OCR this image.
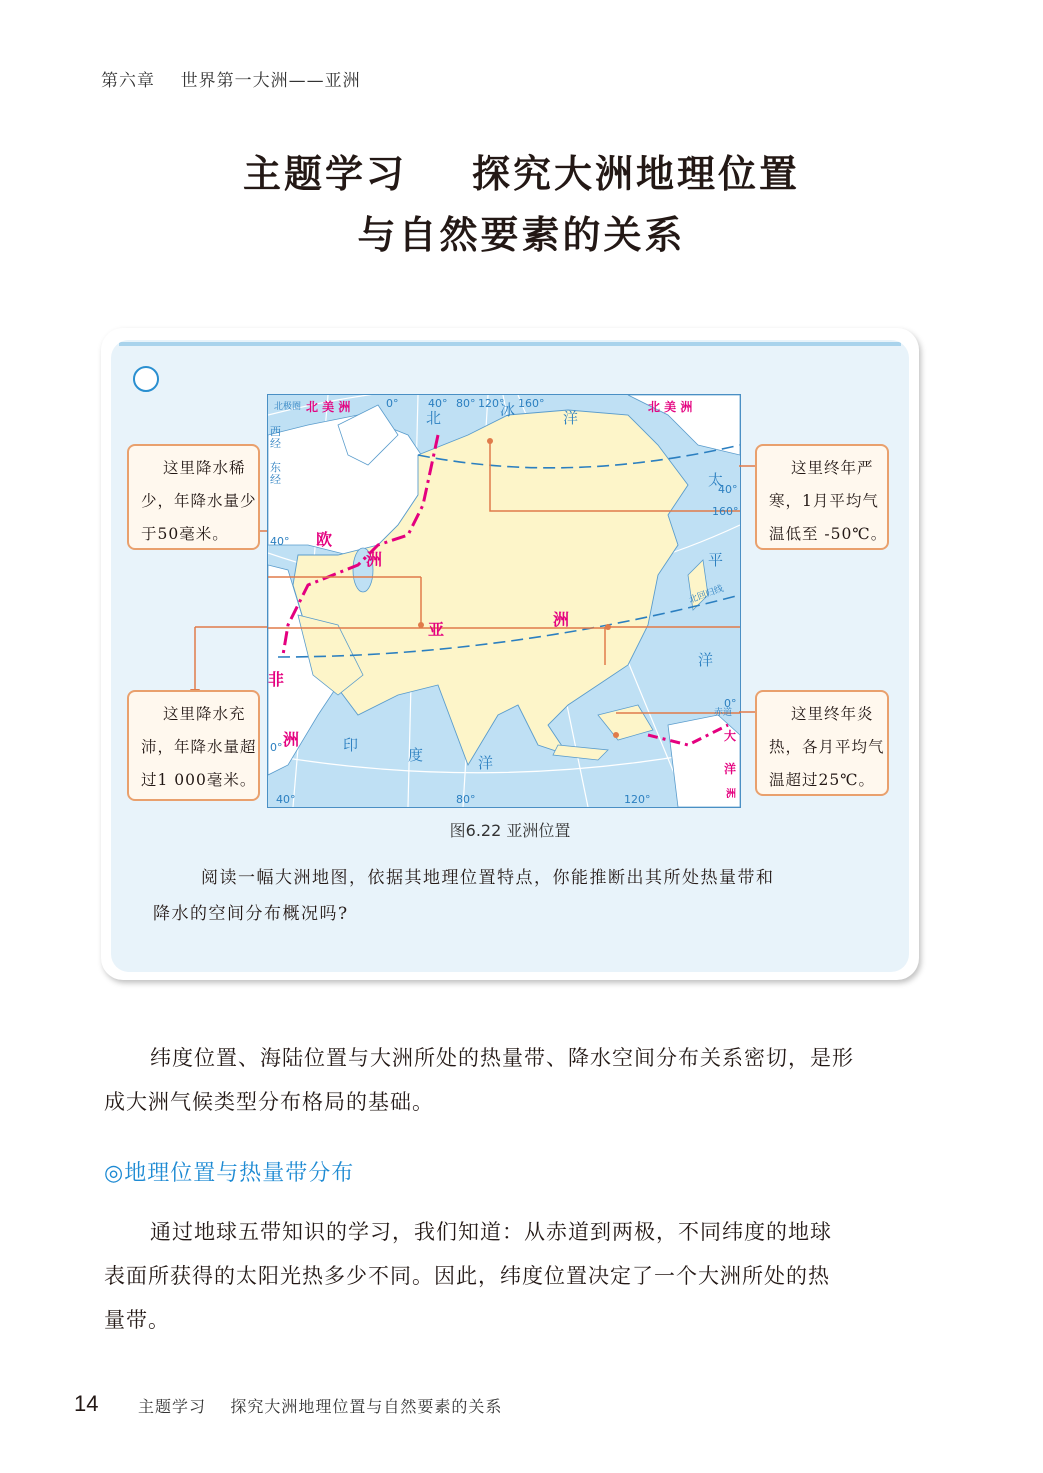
第六章    世界第一大洲——亚洲
主题学习    探究大洲地理位置
与自然要素的关系
亚
洲
欧
洲
非
洲
北 美 洲	北 美 洲
大
洋
洲
北	冰	洋
太
平
洋
印
度	洋
北回归线
赤道
西
经
东
经
北极圈	0°	40° 80° 120° 160°
40°
160°
0°
40°
0°
40°	80°	120°
这里降水稀
少，年降水量少
于50毫米。
这里终年严
寒，1月平均气
温低至 -50℃。
这里降水充
沛，年降水量超
过1 000毫米。
这里终年炎
热，各月平均气
温超过25℃。
图6.22 亚洲位置
阅读一幅大洲地图，依据其地理位置特点，你能推断出其所处热量带和
降水的空间分布概况吗?
纬度位置、海陆位置与大洲所处的热量带、降水空间分布关系密切，是形
成大洲气候类型分布格局的基础。
◎地理位置与热量带分布
通过地球五带知识的学习，我们知道：从赤道到两极，不同纬度的地球
表面所获得的太阳光热多少不同。因此，纬度位置决定了一个大洲所处的热
量带。
14 主题学习    探究大洲地理位置与自然要素的关系
